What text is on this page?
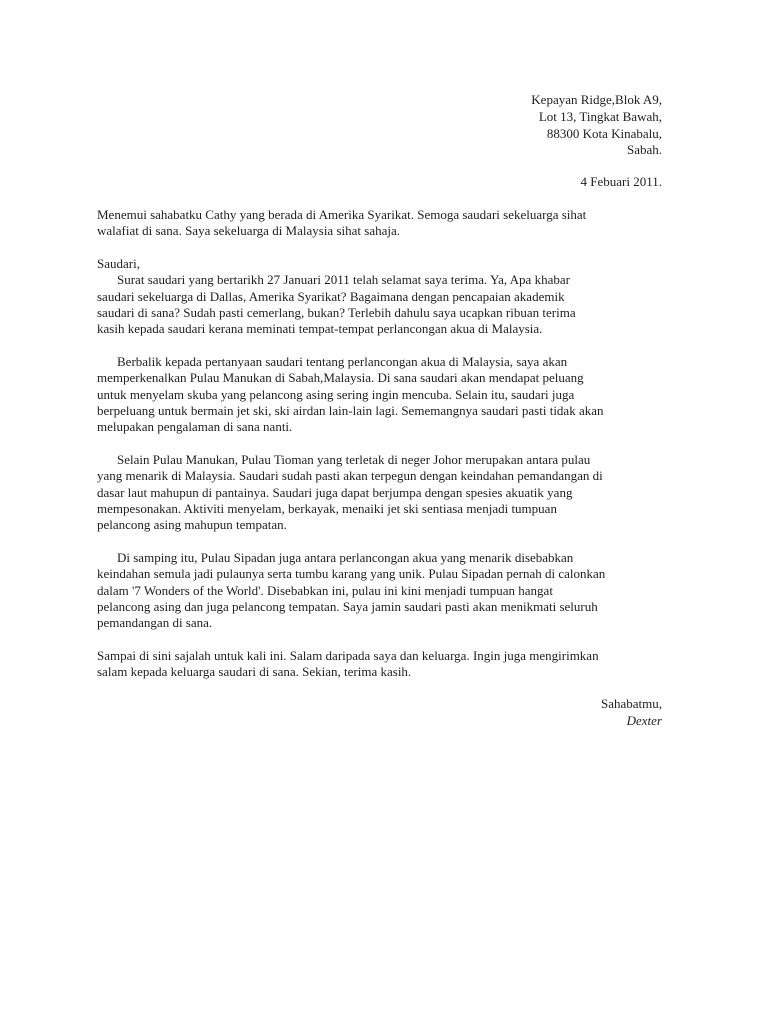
Kepayan Ridge,Blok A9,
Lot 13, Tingkat Bawah,
88300 Kota Kinabalu,
Sabah.
4 Febuari 2011.
Menemui sahabatku Cathy yang berada di Amerika Syarikat. Semoga saudari sekeluarga sihat
walafiat di sana. Saya sekeluarga di Malaysia sihat sahaja.
Saudari,
Surat saudari yang bertarikh 27 Januari 2011 telah selamat saya terima. Ya, Apa khabar
saudari sekeluarga di Dallas, Amerika Syarikat? Bagaimana dengan pencapaian akademik
saudari di sana? Sudah pasti cemerlang, bukan? Terlebih dahulu saya ucapkan ribuan terima
kasih kepada saudari kerana meminati tempat-tempat perlancongan akua di Malaysia.
Berbalik kepada pertanyaan saudari tentang perlancongan akua di Malaysia, saya akan
memperkenalkan Pulau Manukan di Sabah,Malaysia. Di sana saudari akan mendapat peluang
untuk menyelam skuba yang pelancong asing sering ingin mencuba. Selain itu, saudari juga
berpeluang untuk bermain jet ski, ski airdan lain-lain lagi. Sememangnya saudari pasti tidak akan
melupakan pengalaman di sana nanti.
Selain Pulau Manukan, Pulau Tioman yang terletak di neger Johor merupakan antara pulau
yang menarik di Malaysia. Saudari sudah pasti akan terpegun dengan keindahan pemandangan di
dasar laut mahupun di pantainya. Saudari juga dapat berjumpa dengan spesies akuatik yang
mempesonakan. Aktiviti menyelam, berkayak, menaiki jet ski sentiasa menjadi tumpuan
pelancong asing mahupun tempatan.
Di samping itu, Pulau Sipadan juga antara perlancongan akua yang menarik disebabkan
keindahan semula jadi pulaunya serta tumbu karang yang unik. Pulau Sipadan pernah di calonkan
dalam '7 Wonders of the World'. Disebabkan ini, pulau ini kini menjadi tumpuan hangat
pelancong asing dan juga pelancong tempatan. Saya jamin saudari pasti akan menikmati seluruh
pemandangan di sana.
Sampai di sini sajalah untuk kali ini. Salam daripada saya dan keluarga. Ingin juga mengirimkan
salam kepada keluarga saudari di sana. Sekian, terima kasih.
Sahabatmu,
Dexter
